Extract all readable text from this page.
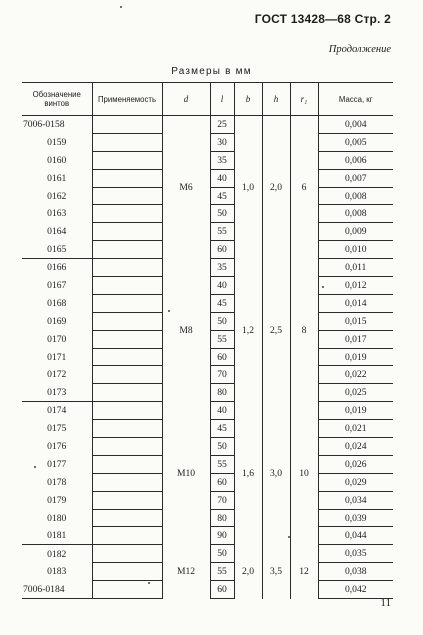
ГОСТ 13428—68 Стр. 2
Продолжение
Размеры в мм
Обозначение винтов	Применяемость	d	l	b	h	r₁	Масса, кг
7006-0158		M6	25	1,0	2,0	6	0,004
0159			30				0,005
0160			35				0,006
0161			40				0,007
0162			45				0,008
0163			50				0,008
0164			55				0,009
0165			60				0,010
0166		M8	35	1,2	2,5	8	0,011
0167			40				0,012
0168			45				0,014
0169			50				0,015
0170			55				0,017
0171			60				0,019
0172			70				0,022
0173			80				0,025
0174		M10	40	1,6	3,0	10	0,019
0175			45				0,021
0176			50				0,024
0177			55				0,026
0178			60				0,029
0179			70				0,034
0180			80				0,039
0181			90				0,044
0182		M12	50	2,0	3,5	12	0,035
0183			55				0,038
7006-0184			60				0,042
11
